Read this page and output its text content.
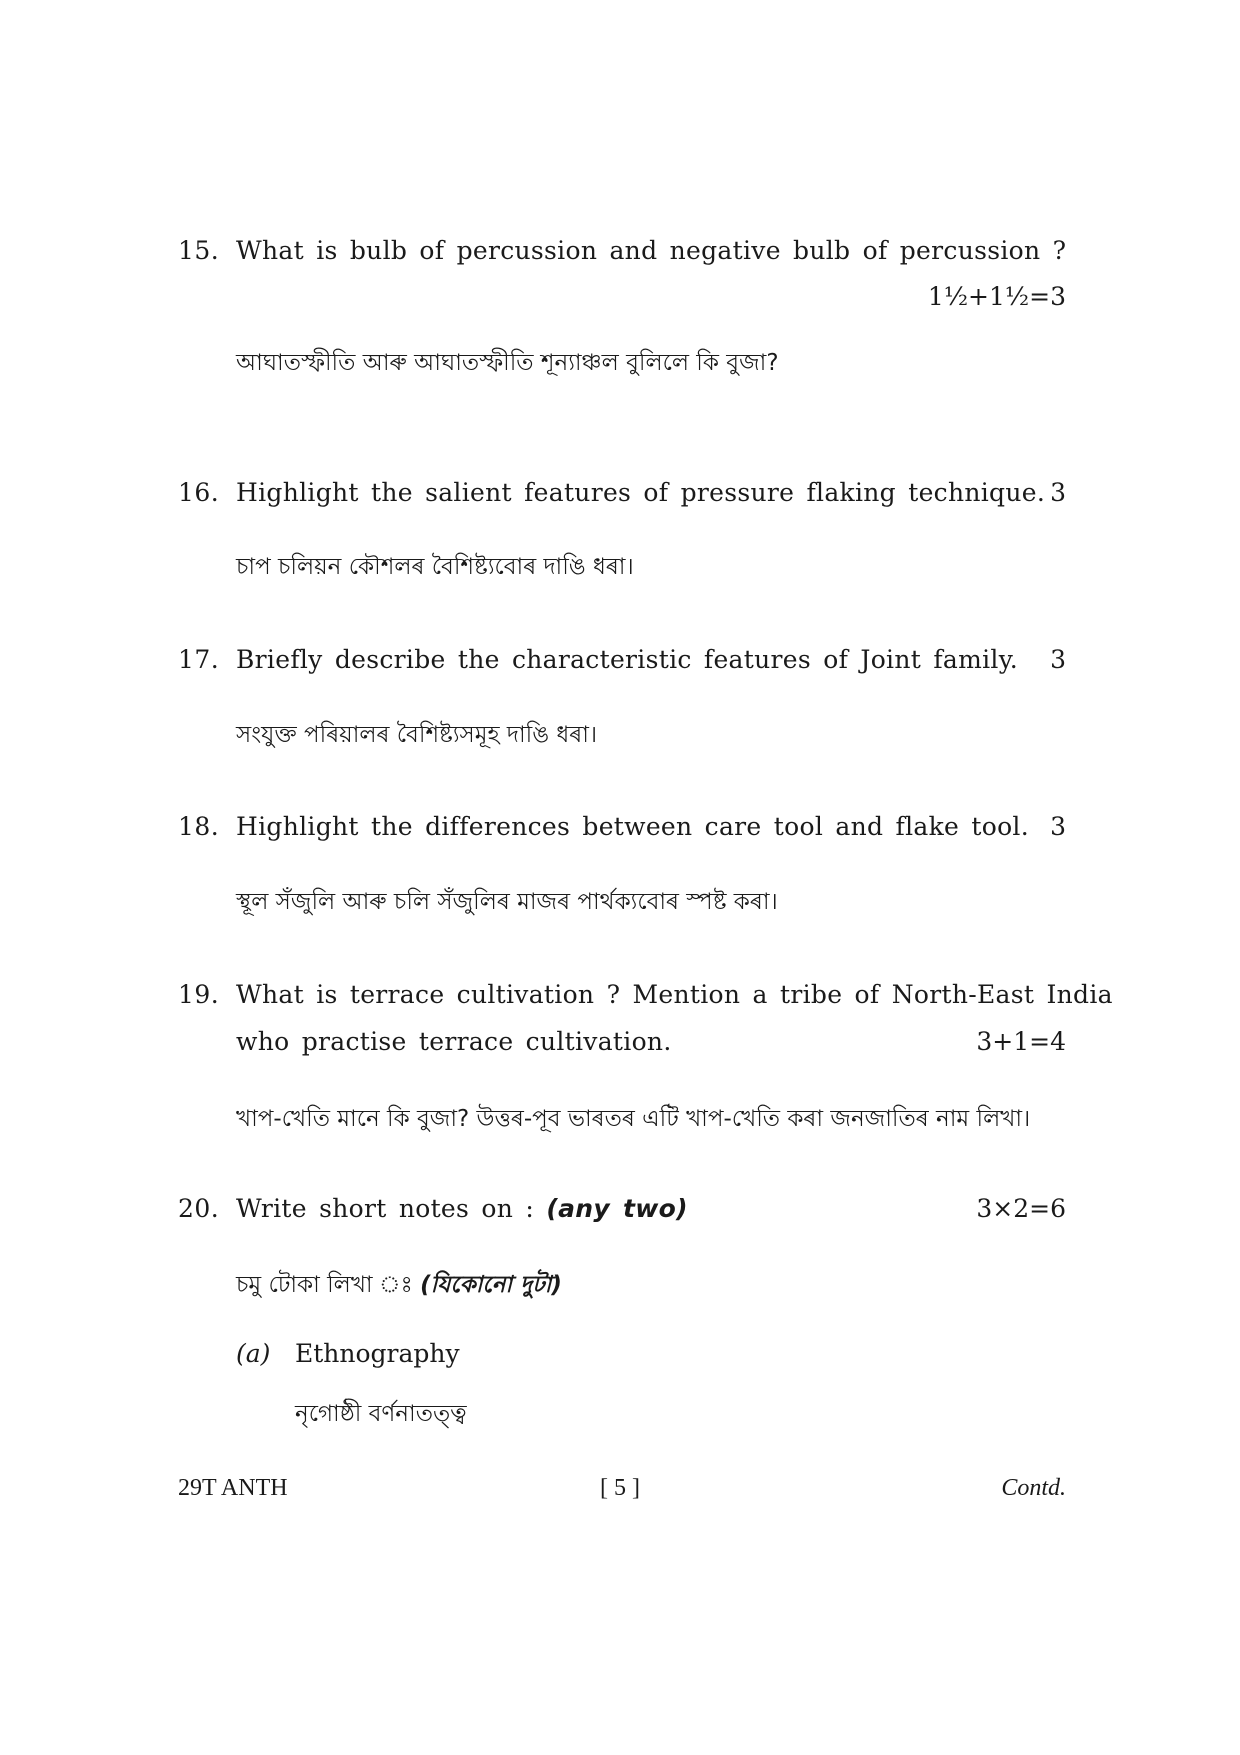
15. What is bulb of percussion and negative bulb of percussion ?
1½+1½=3
আঘাতস্ফীতি আৰু আঘাতস্ফীতি শূন্যাঞ্চল বুলিলে কি বুজা?
16. Highlight the salient features of pressure flaking technique. 3
চাপ চলিয়ন কৌশলৰ বৈশিষ্ট্যবোৰ দাঙি ধৰা।
17. Briefly describe the characteristic features of Joint family.	3
সংযুক্ত পৰিয়ালৰ বৈশিষ্ট্যসমূহ দাঙি ধৰা।
18. Highlight the differences between care tool and flake tool. 3
স্থূল সঁজুলি আৰু চলি সঁজুলিৰ মাজৰ পাৰ্থক্যবোৰ স্পষ্ট কৰা।
19. What is terrace cultivation ? Mention a tribe of North-East India
who practise terrace cultivation.	3+1=4
খাপ-খেতি মানে কি বুজা? উত্তৰ-পূব ভাৰতৰ এটি খাপ-খেতি কৰা জনজাতিৰ নাম লিখা।
20. Write short notes on : (any two)	3×2=6
চমু টোকা লিখা ঃ (যিকোনো দুটা)
(a) Ethnography
নৃগোষ্ঠী বৰ্ণনাতত্ত্ব
29T ANTH	[ 5 ]	Contd.
